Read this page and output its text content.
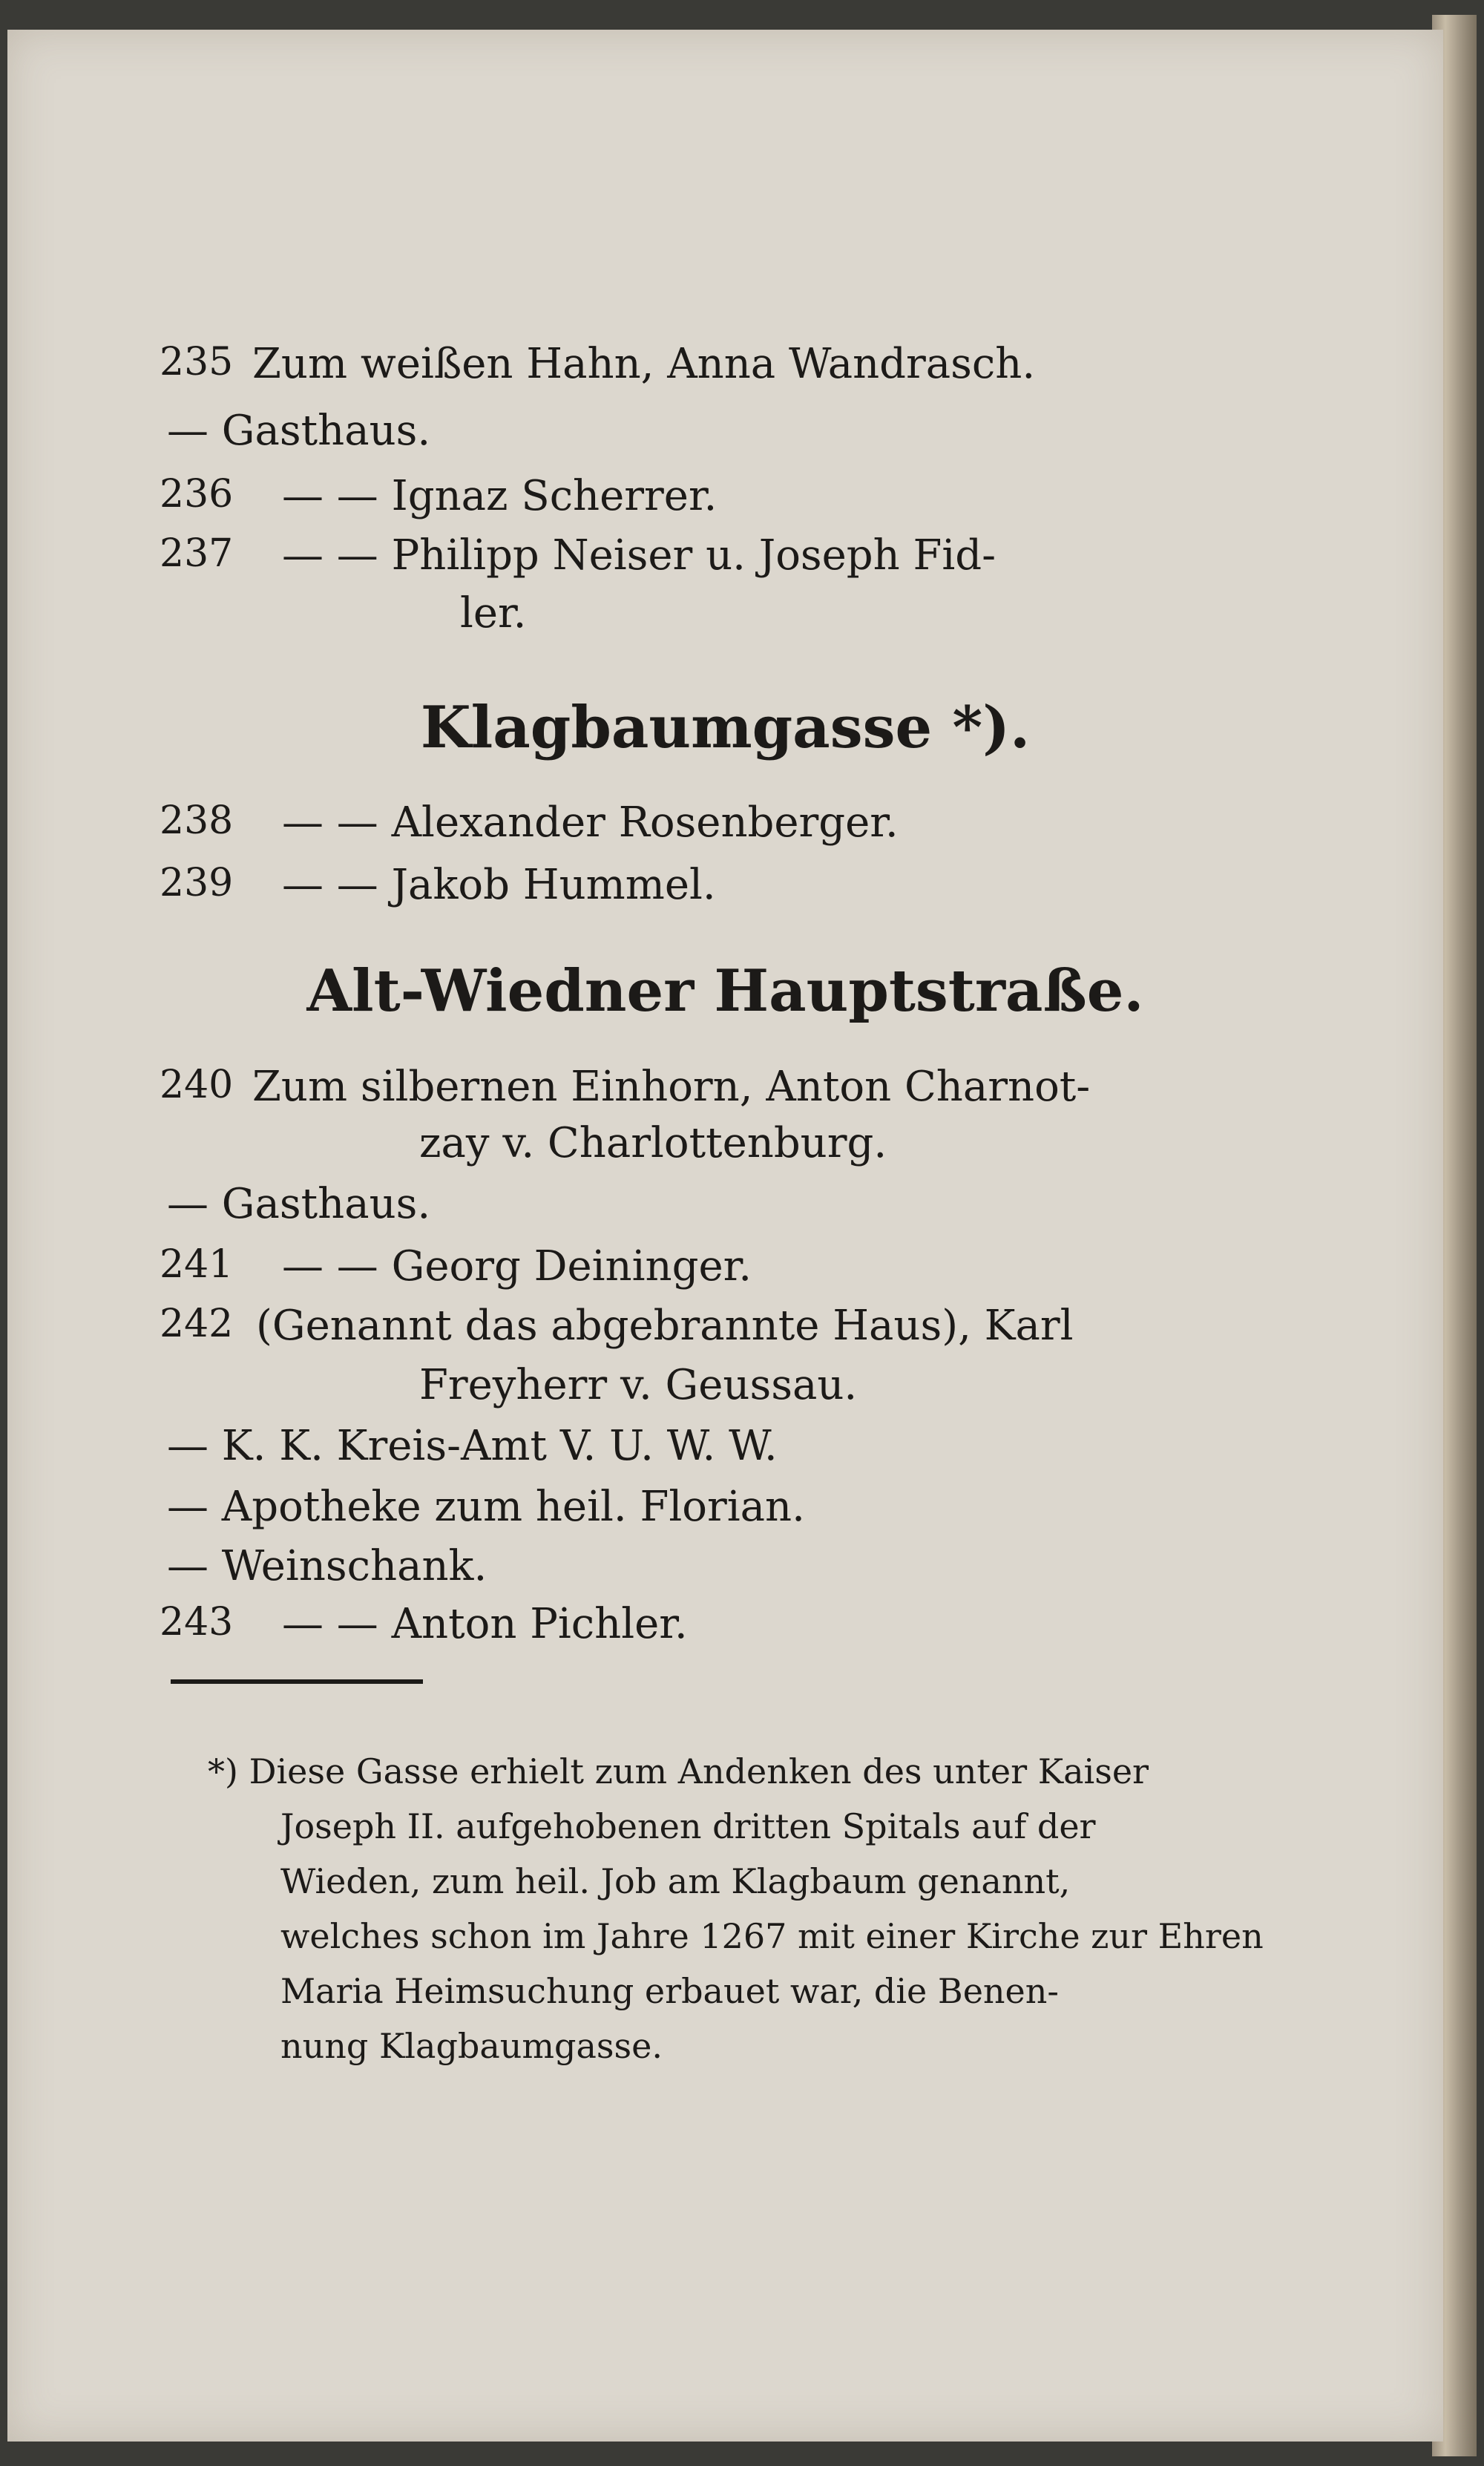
235 Zum weißen Hahn, Anna Wandrasch.
— Gasthaus.
236 — — Ignaz Scherrer.
237 — — Philipp Neiser u. Joseph Fid-
ler.
Klagbaumgasse *).
238 — — Alexander Rosenberger.
239 — — Jakob Hummel.
Alt-Wiedner Hauptstraße.
240 Zum silbernen Einhorn, Anton Charnot-
zay v. Charlottenburg.
— Gasthaus.
241 — — Georg Deininger.
242 (Genannt das abgebrannte Haus), Karl
Freyherr v. Geussau.
— K. K. Kreis-Amt V. U. W. W.
— Apotheke zum heil. Florian.
— Weinschank.
243 — — Anton Pichler.
*) Diese Gasse erhielt zum Andenken des unter Kaiser
Joseph II. aufgehobenen dritten Spitals auf der
Wieden, zum heil. Job am Klagbaum genannt,
welches schon im Jahre 1267 mit einer Kirche zur Ehren
Maria Heimsuchung erbauet war, die Benen-
nung Klagbaumgasse.
